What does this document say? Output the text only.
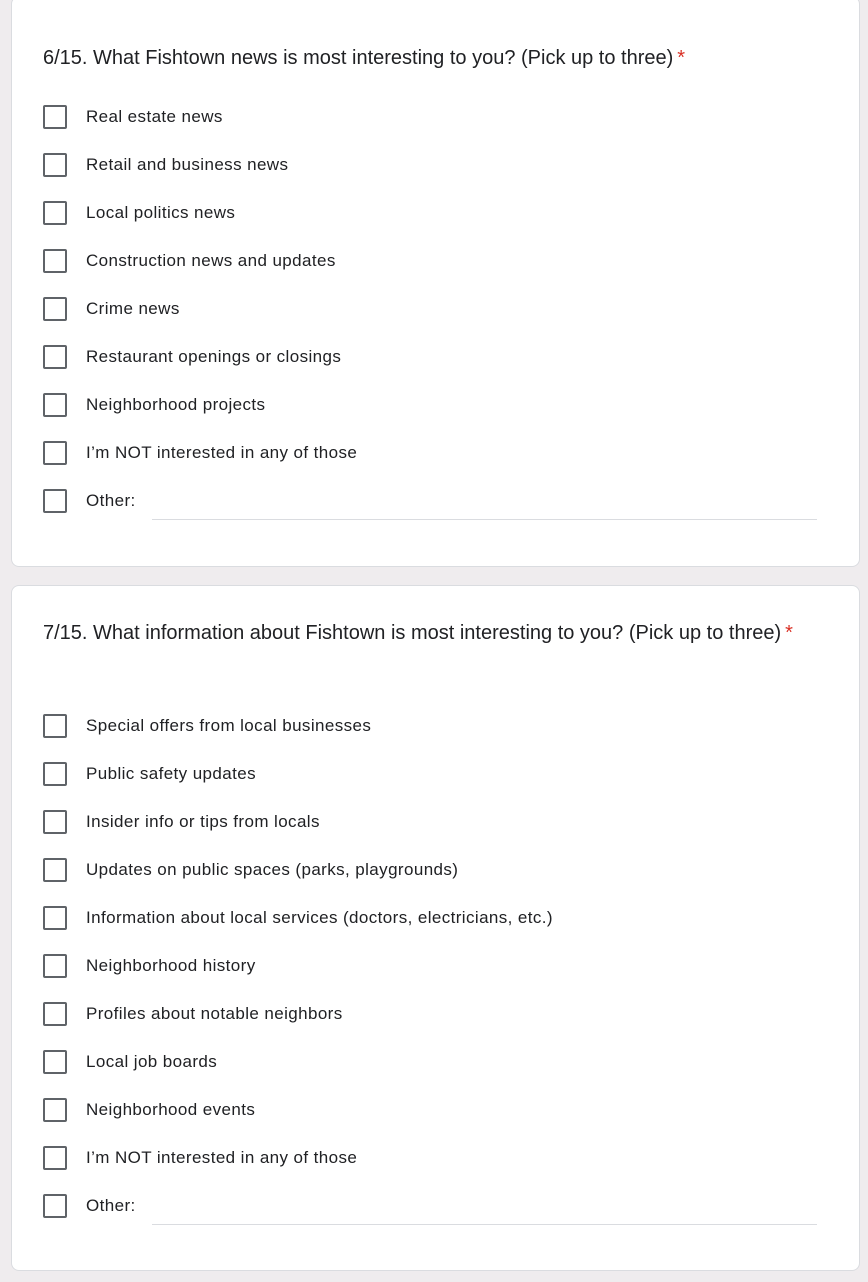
6/15. What Fishtown news is most interesting to you? (Pick up to three) *
Real estate news
Retail and business news
Local politics news
Construction news and updates
Crime news
Restaurant openings or closings
Neighborhood projects
I’m NOT interested in any of those
Other:
7/15. What information about Fishtown is most interesting to you? (Pick up to three) *
Special offers from local businesses
Public safety updates
Insider info or tips from locals
Updates on public spaces (parks, playgrounds)
Information about local services (doctors, electricians, etc.)
Neighborhood history
Profiles about notable neighbors
Local job boards
Neighborhood events
I’m NOT interested in any of those
Other:
